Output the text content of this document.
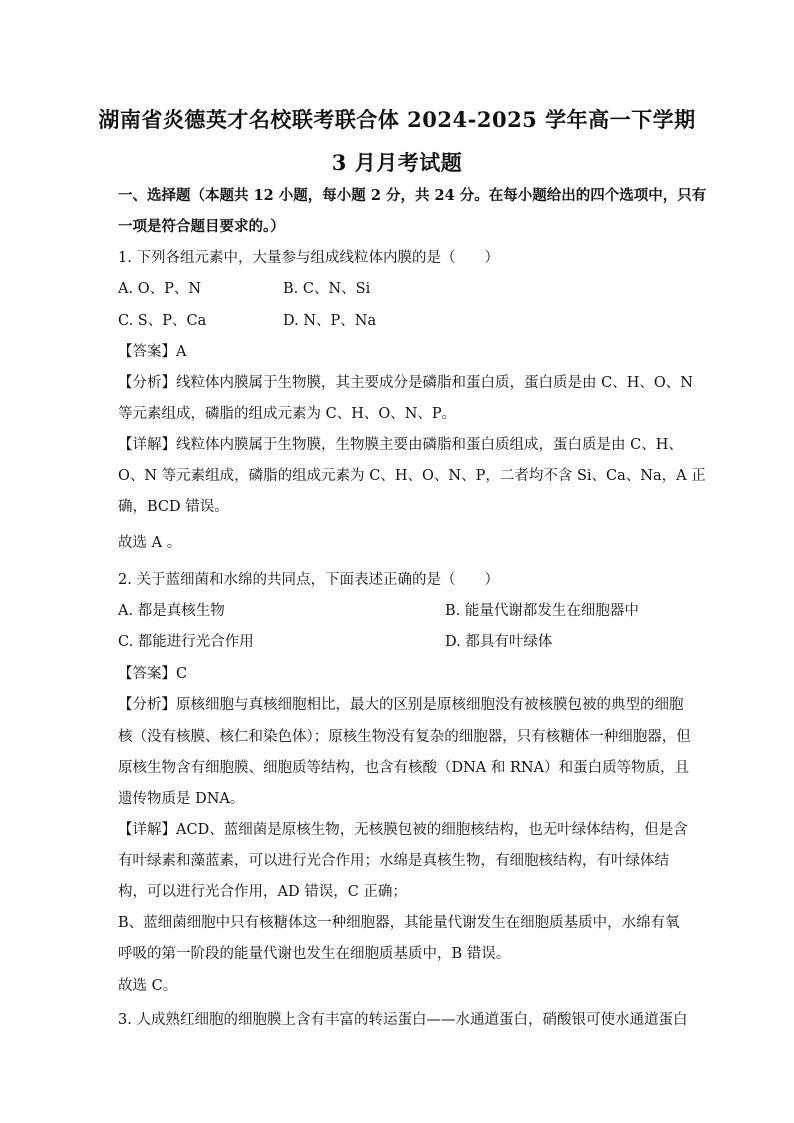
湖南省炎德英才名校联考联合体 2024-2025 学年高一下学期
3 月月考试题
一、选择题（本题共 12 小题，每小题 2 分，共 24 分。在每小题给出的四个选项中，只有
一项是符合题目要求的。）
1. 下列各组元素中，大量参与组成线粒体内膜的是（　　）
A. O、P、N	B. C、N、Si
C. S、P、Ca	D. N、P、Na
【答案】A
【分析】线粒体内膜属于生物膜，其主要成分是磷脂和蛋白质，蛋白质是由 C、H、O、N
等元素组成，磷脂的组成元素为 C、H、O、N、P。
【详解】线粒体内膜属于生物膜，生物膜主要由磷脂和蛋白质组成，蛋白质是由 C、H、
O、N 等元素组成，磷脂的组成元素为 C、H、O、N、P，二者均不含 Si、Ca、Na，A 正
确，BCD 错误。
故选 A 。
2. 关于蓝细菌和水绵的共同点，下面表述正确的是（　　）
A. 都是真核生物	B. 能量代谢都发生在细胞器中
C. 都能进行光合作用	D. 都具有叶绿体
【答案】C
【分析】原核细胞与真核细胞相比，最大的区别是原核细胞没有被核膜包被的典型的细胞
核（没有核膜、核仁和染色体）；原核生物没有复杂的细胞器，只有核糖体一种细胞器，但
原核生物含有细胞膜、细胞质等结构，也含有核酸（DNA 和 RNA）和蛋白质等物质，且
遗传物质是 DNA。
【详解】ACD、蓝细菌是原核生物，无核膜包被的细胞核结构，也无叶绿体结构，但是含
有叶绿素和藻蓝素，可以进行光合作用；水绵是真核生物，有细胞核结构，有叶绿体结
构，可以进行光合作用，AD 错误，C 正确；
B、蓝细菌细胞中只有核糖体这一种细胞器，其能量代谢发生在细胞质基质中，水绵有氧
呼吸的第一阶段的能量代谢也发生在细胞质基质中，B 错误。
故选 C。
3. 人成熟红细胞的细胞膜上含有丰富的转运蛋白——水通道蛋白，硝酸银可使水通道蛋白
